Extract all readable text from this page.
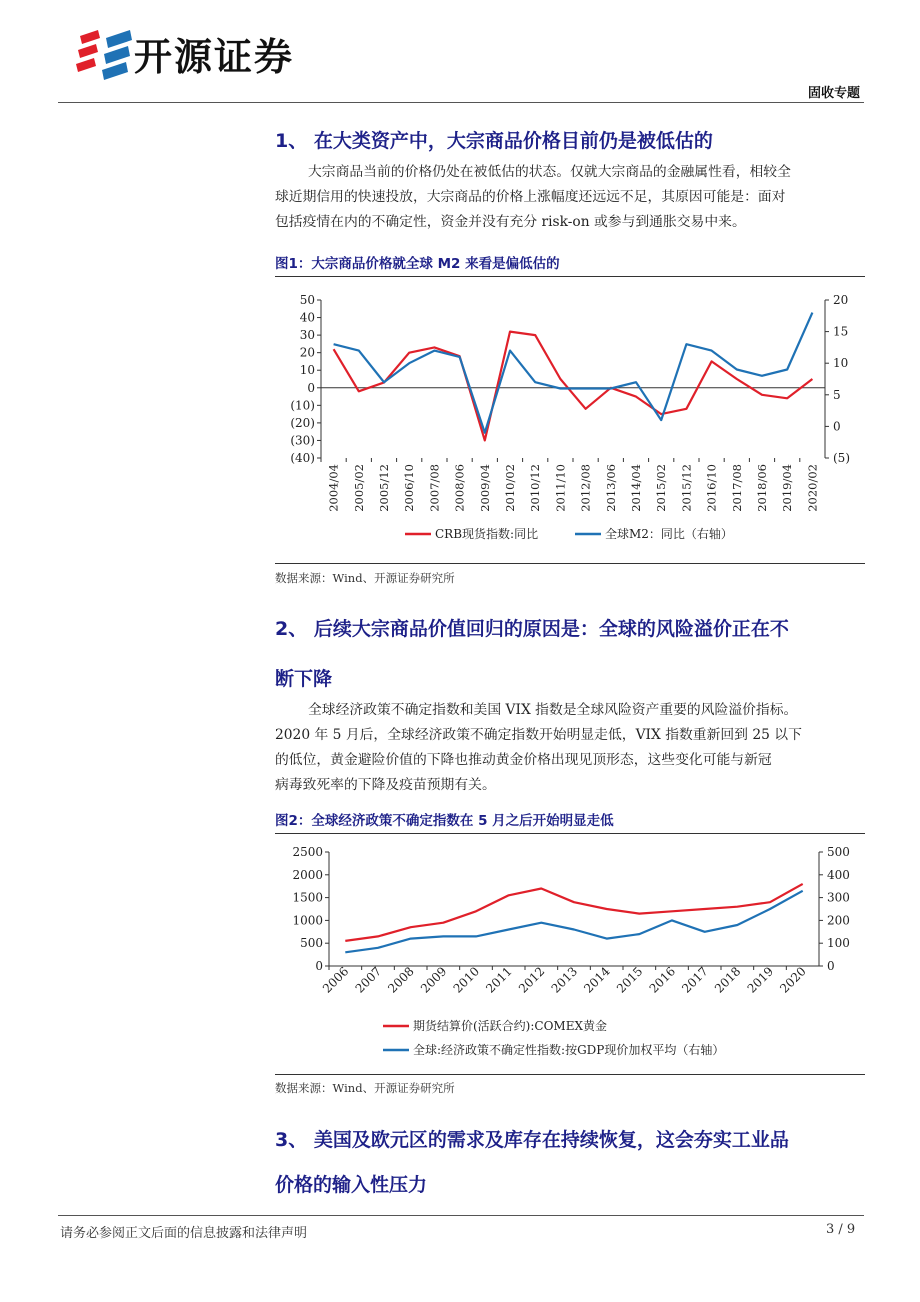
开源证券
固收专题
1、 在大类资产中，大宗商品价格目前仍是被低估的
大宗商品当前的价格仍处在被低估的状态。仅就大宗商品的金融属性看，相较全
球近期信用的快速投放，大宗商品的价格上涨幅度还远远不足，其原因可能是：面对
包括疫情在内的不确定性，资金并没有充分 risk-on 或参与到通胀交易中来。
图1：大宗商品价格就全球 M2 来看是偏低估的
50
40
30
20
10
0
(10)
(20)
(30)
(40)
20
15
10
5
0
(5)
2004/04 2005/02 2005/12 2006/10 2007/08 2008/06 2009/04 2010/02 2010/12 2011/10 2012/08 2013/06 2014/04 2015/02 2015/12 2016/10 2017/08 2018/06 2019/04 2020/02
CRB现货指数:同比	全球M2：同比（右轴）
数据来源：Wind、开源证券研究所
2、 后续大宗商品价值回归的原因是：全球的风险溢价正在不
断下降
全球经济政策不确定指数和美国 VIX 指数是全球风险资产重要的风险溢价指标。
2020 年 5 月后，全球经济政策不确定指数开始明显走低，VIX 指数重新回到 25 以下
的低位，黄金避险价值的下降也推动黄金价格出现见顶形态，这些变化可能与新冠
病毒致死率的下降及疫苗预期有关。
图2：全球经济政策不确定指数在 5 月之后开始明显走低
2500
2000
1500
1000
500
0
500
400
300
200
100
0
2006 2007 2008 2009 2010 2011 2012 2013 2014 2015 2016 2017 2018 2019 2020
期货结算价(活跃合约):COMEX黄金
全球:经济政策不确定性指数:按GDP现价加权平均（右轴）
数据来源：Wind、开源证券研究所
3、 美国及欧元区的需求及库存在持续恢复，这会夯实工业品
价格的输入性压力
请务必参阅正文后面的信息披露和法律声明	3 / 9
